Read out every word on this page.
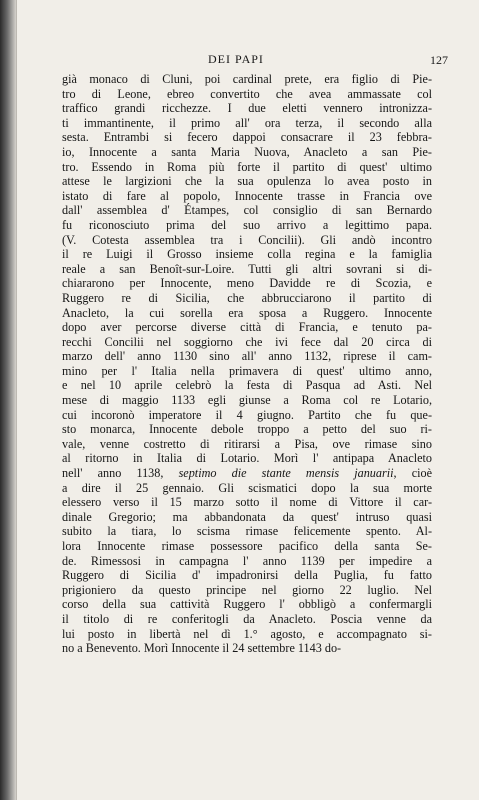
DEI PAPI	127
già monaco di Cluni, poi cardinal prete, era figlio di Pie-
tro di Leone, ebreo convertito che avea ammassate col
traffico grandi ricchezze. I due eletti vennero intronizza-
ti immantinente, il primo all' ora terza, il secondo alla
sesta. Entrambi si fecero dappoi consacrare il 23 febbra-
io, Innocente a santa Maria Nuova, Anacleto a san Pie-
tro. Essendo in Roma più forte il partito di quest' ultimo
attese le largizioni che la sua opulenza lo avea posto in
istato di fare al popolo, Innocente trasse in Francia ove
dall' assemblea d' Étampes, col consiglio di san Bernardo
fu riconosciuto prima del suo arrivo a legittimo papa.
(V. Cotesta assemblea tra i Concilii). Gli andò incontro
il re Luigi il Grosso insieme colla regina e la famiglia
reale a san Benoît-sur-Loire. Tutti gli altri sovrani si di-
chiararono per Innocente, meno Davidde re di Scozia, e
Ruggero re di Sicilia, che abbrucciarono il partito di
Anacleto, la cui sorella era sposa a Ruggero. Innocente
dopo aver percorse diverse città di Francia, e tenuto pa-
recchi Concilii nel soggiorno che ivi fece dal 20 circa di
marzo dell' anno 1130 sino all' anno 1132, riprese il cam-
mino per l' Italia nella primavera di quest' ultimo anno,
e nel 10 aprile celebrò la festa di Pasqua ad Asti. Nel
mese di maggio 1133 egli giunse a Roma col re Lotario,
cui incoronò imperatore il 4 giugno. Partito che fu que-
sto monarca, Innocente debole troppo a petto del suo ri-
vale, venne costretto di ritirarsi a Pisa, ove rimase sino
al ritorno in Italia di Lotario. Morì l' antipapa Anacleto
nell' anno 1138, septimo die stante mensis januarii, cioè
a dire il 25 gennaio. Gli scismatici dopo la sua morte
elessero verso il 15 marzo sotto il nome di Vittore il car-
dinale Gregorio; ma abbandonata da quest' intruso quasi
subito la tiara, lo scisma rimase felicemente spento. Al-
lora Innocente rimase possessore pacifico della santa Se-
de. Rimessosi in campagna l' anno 1139 per impedire a
Ruggero di Sicilia d' impadronirsi della Puglia, fu fatto
prigioniero da questo principe nel giorno 22 luglio. Nel
corso della sua cattività Ruggero l' obbligò a confermargli
il titolo di re conferitogli da Anacleto. Poscia venne da
lui posto in libertà nel dì 1.° agosto, e accompagnato si-
no a Benevento. Morì Innocente il 24 settembre 1143 do-
